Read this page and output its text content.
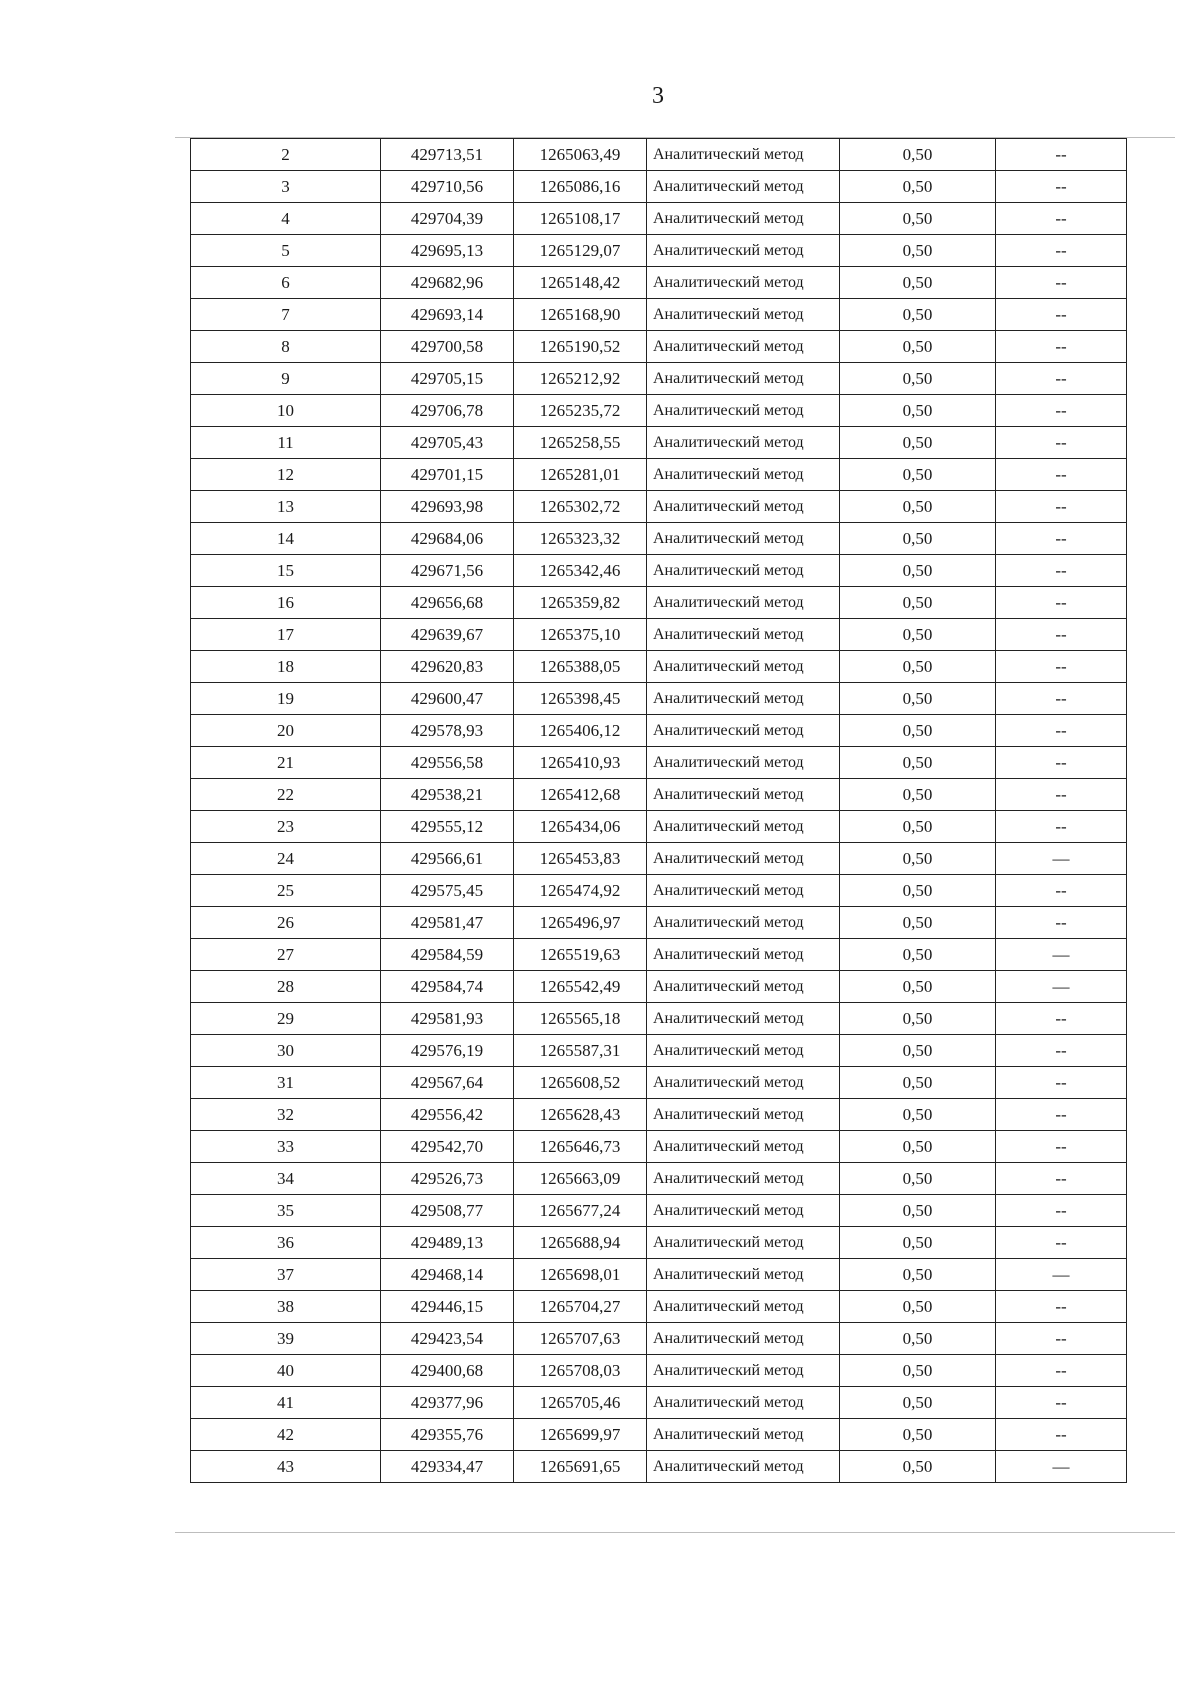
3
2	429713,51	1265063,49	Аналитический метод	0,50	--
3	429710,56	1265086,16	Аналитический метод	0,50	--
4	429704,39	1265108,17	Аналитический метод	0,50	--
5	429695,13	1265129,07	Аналитический метод	0,50	--
6	429682,96	1265148,42	Аналитический метод	0,50	--
7	429693,14	1265168,90	Аналитический метод	0,50	--
8	429700,58	1265190,52	Аналитический метод	0,50	--
9	429705,15	1265212,92	Аналитический метод	0,50	--
10	429706,78	1265235,72	Аналитический метод	0,50	--
11	429705,43	1265258,55	Аналитический метод	0,50	--
12	429701,15	1265281,01	Аналитический метод	0,50	--
13	429693,98	1265302,72	Аналитический метод	0,50	--
14	429684,06	1265323,32	Аналитический метод	0,50	--
15	429671,56	1265342,46	Аналитический метод	0,50	--
16	429656,68	1265359,82	Аналитический метод	0,50	--
17	429639,67	1265375,10	Аналитический метод	0,50	--
18	429620,83	1265388,05	Аналитический метод	0,50	--
19	429600,47	1265398,45	Аналитический метод	0,50	--
20	429578,93	1265406,12	Аналитический метод	0,50	--
21	429556,58	1265410,93	Аналитический метод	0,50	--
22	429538,21	1265412,68	Аналитический метод	0,50	--
23	429555,12	1265434,06	Аналитический метод	0,50	--
24	429566,61	1265453,83	Аналитический метод	0,50	—
25	429575,45	1265474,92	Аналитический метод	0,50	--
26	429581,47	1265496,97	Аналитический метод	0,50	--
27	429584,59	1265519,63	Аналитический метод	0,50	—
28	429584,74	1265542,49	Аналитический метод	0,50	—
29	429581,93	1265565,18	Аналитический метод	0,50	--
30	429576,19	1265587,31	Аналитический метод	0,50	--
31	429567,64	1265608,52	Аналитический метод	0,50	--
32	429556,42	1265628,43	Аналитический метод	0,50	--
33	429542,70	1265646,73	Аналитический метод	0,50	--
34	429526,73	1265663,09	Аналитический метод	0,50	--
35	429508,77	1265677,24	Аналитический метод	0,50	--
36	429489,13	1265688,94	Аналитический метод	0,50	--
37	429468,14	1265698,01	Аналитический метод	0,50	—
38	429446,15	1265704,27	Аналитический метод	0,50	--
39	429423,54	1265707,63	Аналитический метод	0,50	--
40	429400,68	1265708,03	Аналитический метод	0,50	--
41	429377,96	1265705,46	Аналитический метод	0,50	--
42	429355,76	1265699,97	Аналитический метод	0,50	--
43	429334,47	1265691,65	Аналитический метод	0,50	—
